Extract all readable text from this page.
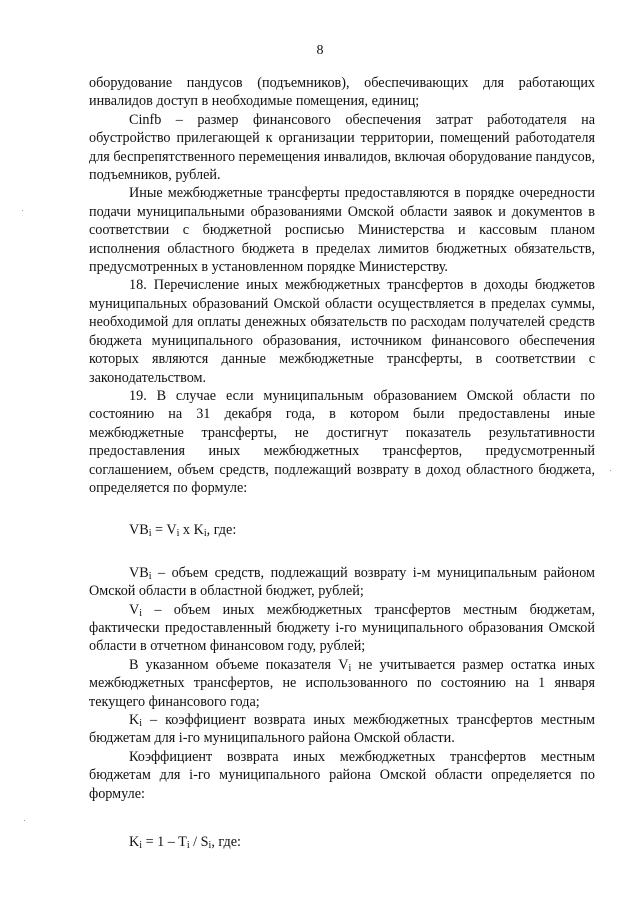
8

оборудование пандусов (подъемников), обеспечивающих для работающих инвалидов доступ в необходимые помещения, единиц;

Cinfb – размер финансового обеспечения затрат работодателя на обустройство прилегающей к организации территории, помещений работодателя для беспрепятственного перемещения инвалидов, включая оборудование пандусов, подъемников, рублей.

Иные межбюджетные трансферты предоставляются в порядке очередности подачи муниципальными образованиями Омской области заявок и документов в соответствии с бюджетной росписью Министерства и кассовым планом исполнения областного бюджета в пределах лимитов бюджетных обязательств, предусмотренных в установленном порядке Министерству.

18. Перечисление иных межбюджетных трансфертов в доходы бюджетов муниципальных образований Омской области осуществляется в пределах суммы, необходимой для оплаты денежных обязательств по расходам получателей средств бюджета муниципального образования, источником финансового обеспечения которых являются данные межбюджетные трансферты, в соответствии с законодательством.

19. В случае если муниципальным образованием Омской области по состоянию на 31 декабря года, в котором были предоставлены иные межбюджетные трансферты, не достигнут показатель результативности предоставления иных межбюджетных трансфертов, предусмотренный соглашением, объем средств, подлежащий возврату в доход областного бюджета, определяется по формуле:

$VB_i = V_i$ x $K_i$, где:

$VB_i$ – объем средств, подлежащий возврату i-м муниципальным районом Омской области в областной бюджет, рублей;

$V_i$ – объем иных межбюджетных трансфертов местным бюджетам, фактически предоставленный бюджету i-го муниципального образования Омской области в отчетном финансовом году, рублей;

В указанном объеме показателя $V_i$ не учитывается размер остатка иных межбюджетных трансфертов, не использованного по состоянию на 1 января текущего финансового года;

$K_i$ – коэффициент возврата иных межбюджетных трансфертов местным бюджетам для i-го муниципального района Омской области.

Коэффициент возврата иных межбюджетных трансфертов местным бюджетам для i-го муниципального района Омской области определяется по формуле:

$K_i = 1 - T_i / S_i$, где:
